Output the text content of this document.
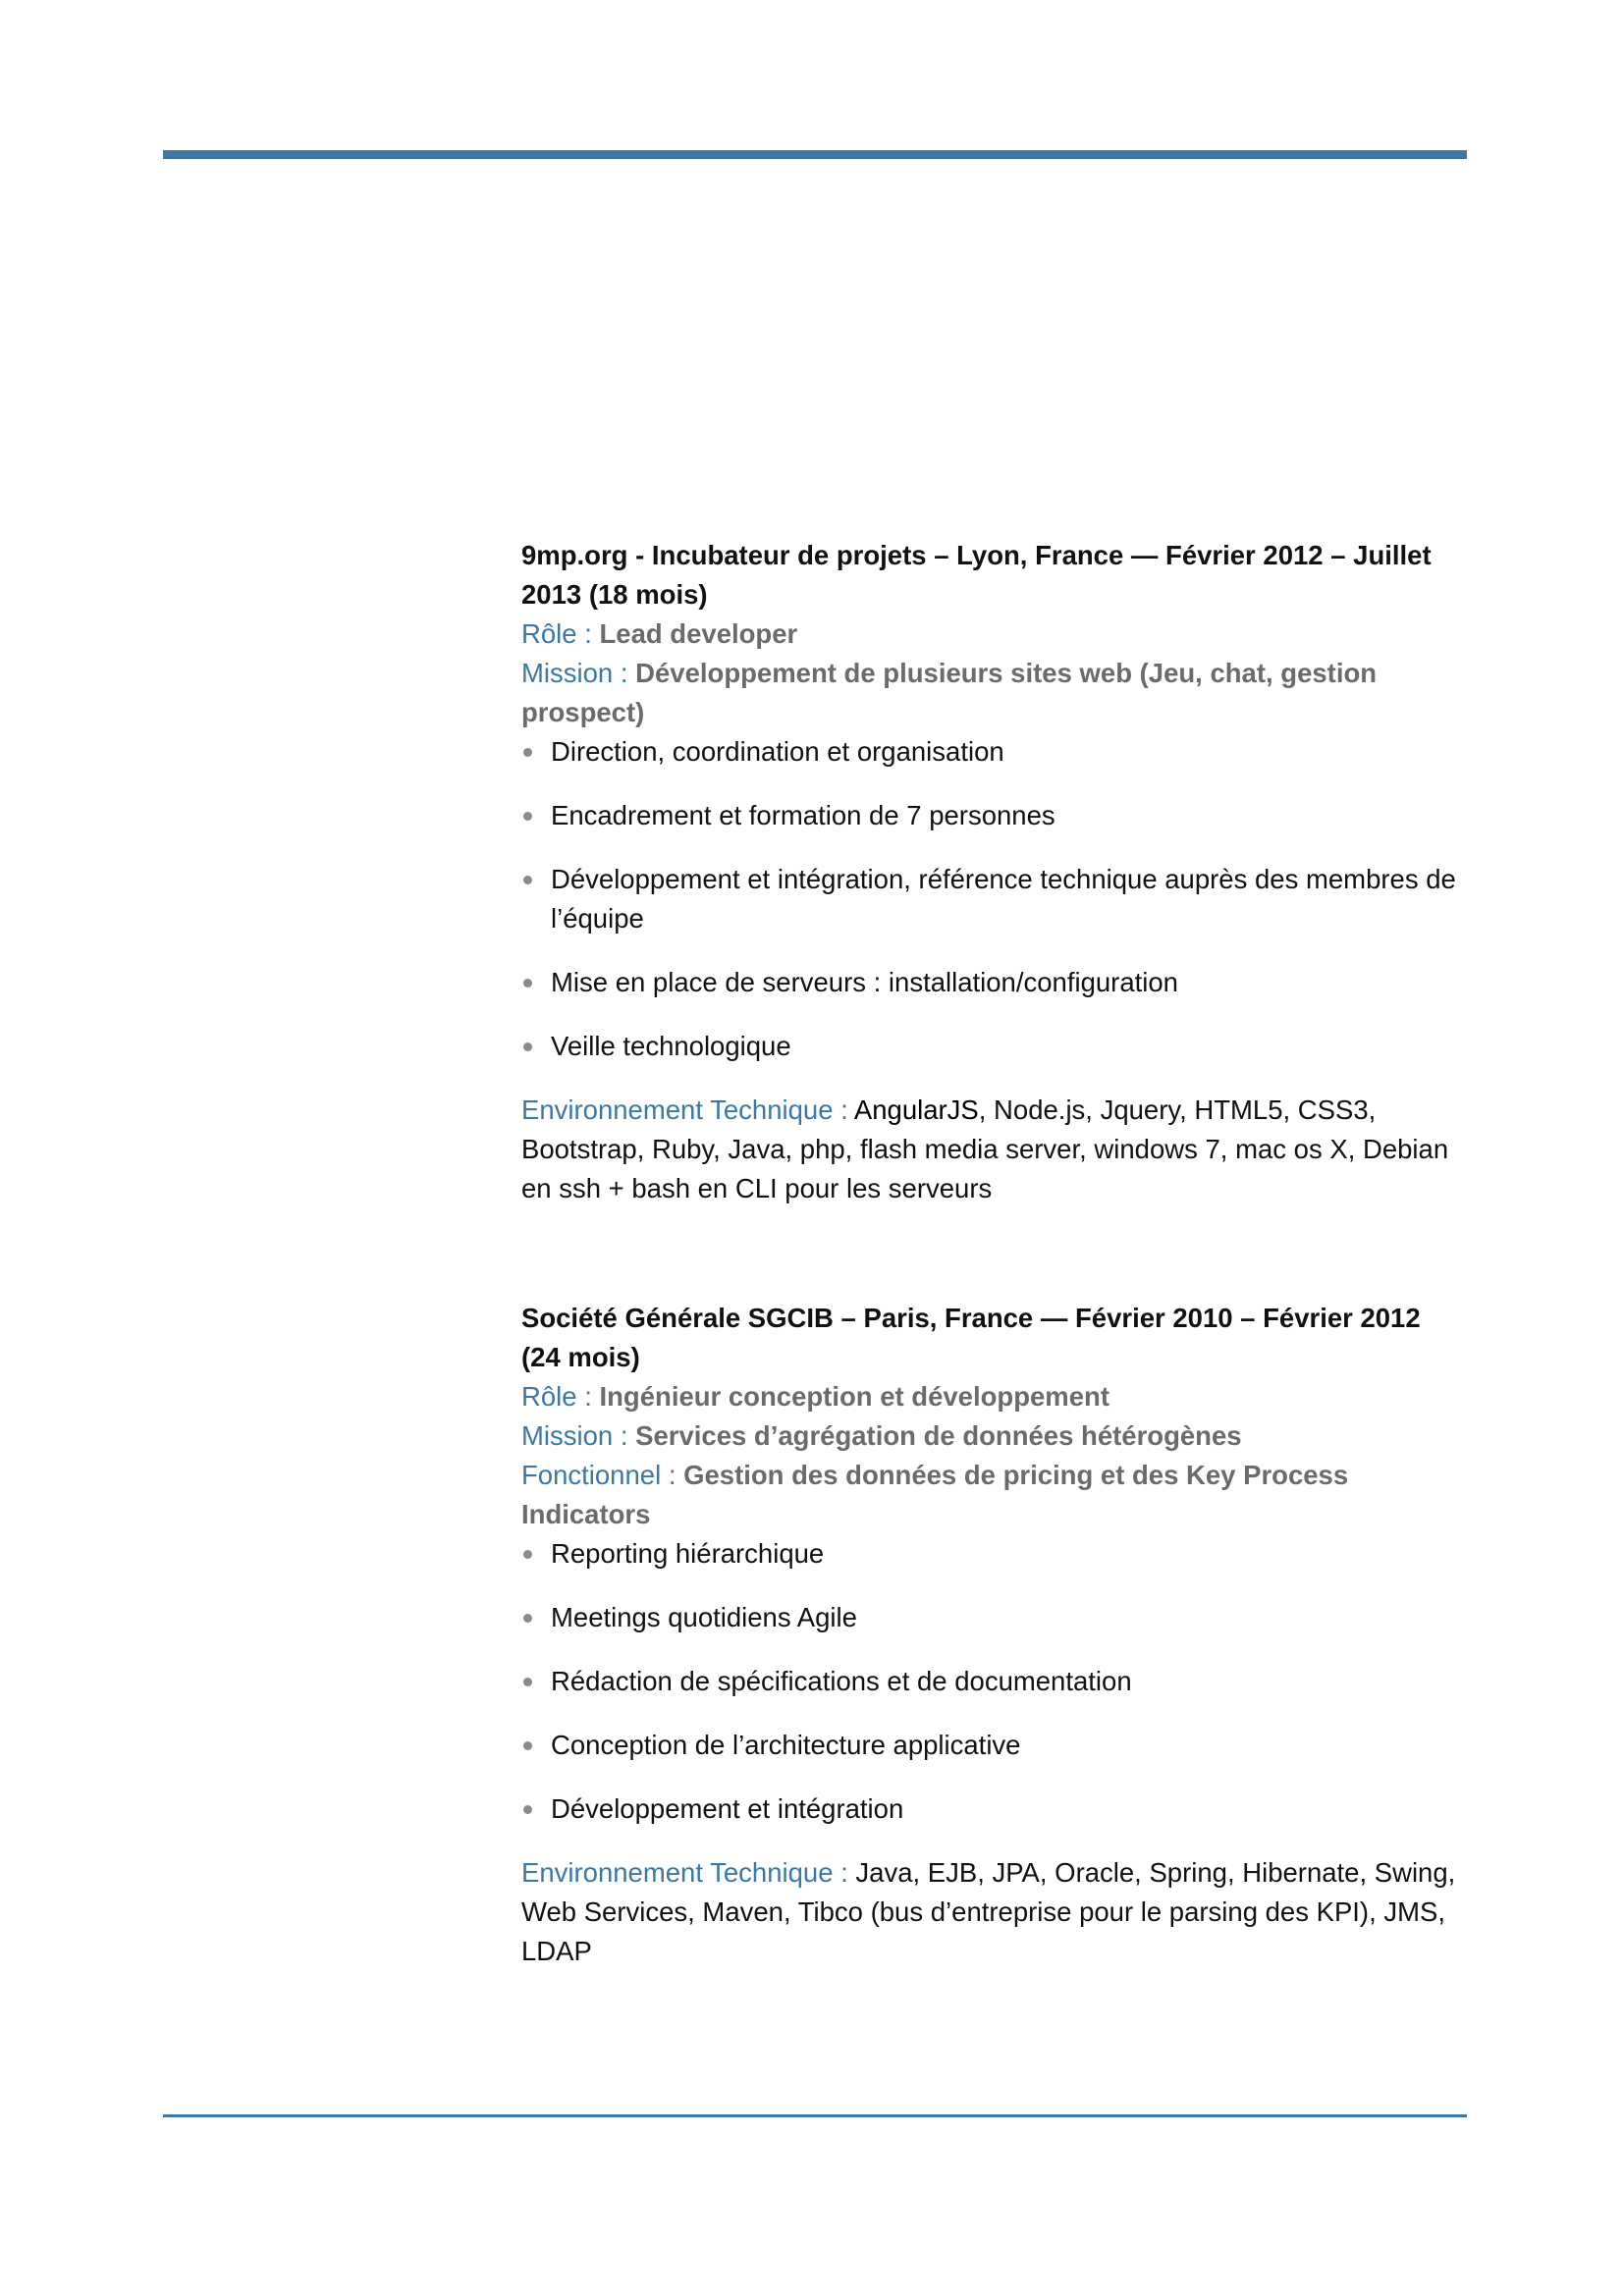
9mp.org - Incubateur de projets – Lyon, France — Février 2012 – Juillet 2013 (18 mois)

Rôle : Lead developer

Mission : Développement de plusieurs sites web (Jeu, chat, gestion prospect)

Direction, coordination et organisation
Encadrement et formation de 7 personnes
Développement et intégration, référence technique auprès des membres de l’équipe
Mise en place de serveurs : installation/configuration
Veille technologique

Environnement Technique : AngularJS, Node.js, Jquery, HTML5, CSS3, Bootstrap, Ruby, Java, php, flash media server, windows 7, mac os X, Debian en ssh + bash en CLI pour les serveurs

Société Générale SGCIB – Paris, France — Février 2010 – Février 2012 (24 mois)

Rôle : Ingénieur conception et développement

Mission : Services d’agrégation de données hétérogènes

Fonctionnel : Gestion des données de pricing et des Key Process Indicators

Reporting hiérarchique
Meetings quotidiens Agile
Rédaction de spécifications et de documentation
Conception de l’architecture applicative
Développement et intégration

Environnement Technique : Java, EJB, JPA, Oracle, Spring, Hibernate, Swing, Web Services, Maven, Tibco (bus d’entreprise pour le parsing des KPI), JMS, LDAP
